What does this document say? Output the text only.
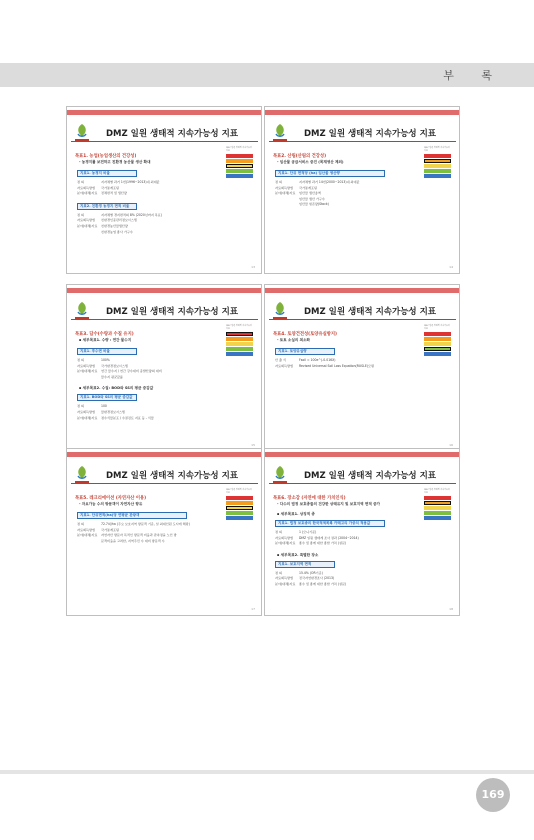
부 록
DMZ 일원 생태적 지속가능성 지표
DMZ 일원 생태계 지속가능성 지표
목표1. 농업(농업생산의 건강성)
- 농경지를 보전하고 친환경 농산물 생산 확대
지표1. 농경지 비율
정 의	지자체별 과거 1번(1996~2013)내 최대값
자료획득방법	국가통계포털
분야(대체)자료	전체면적 및 생산량
지표2. 친환경 농경지 면적 비율
정 의	지자체별 경지면적의 8% (2020년까지 목표)
자료획득방법	친환경인증관리정보시스템
분야(대체)자료	친환경농산물생산량
친환경농업 종사 가구수
13
DMZ 일원 생태적 지속가능성 지표
DMZ 일원 생태계 지속가능성 지표
목표2. 산림(산림의 건강성)
- 임산물 공급서비스 증진 (목재생산 제외)
지표1. 단위 면적당 (ha) 임산물 생산량
정 의	지자체별 과거 14번(2000~2013)내 최대값
자료획득방법	국가통계포털
분야(대체)자료	임산물 생산총액
임산물 생산 가구수
임산물 현존량(Stock)
14
DMZ 일원 생태적 지속가능성 지표
DMZ 일원 생태계 지속가능성 지표
목표3. 담수(수량과 수질 유지)
▪ 세부목표1. 수량 : 연간 물수지
지표1. 투수면 비율
정 의	100%
자료획득방법	국가환경정보시스템
분야(대체)자료	연간 물수지 / 연간 강수대비 증발산량의 대비
물수지 평균값률
▪ 세부목표2. 수질: BOD와 SS의 평균 증감값
지표1. BOD와 SS의 평균 증감값
정 의	100
자료획득방법	물환경정보시스템
분야(대체)자료	정수식물분포 / 수질검토 지표 등 - 식물
15
DMZ 일원 생태적 지속가능성 지표
DMZ 일원 생태계 지속가능성 지표
목표4. 토양건전성(토양유실방지)
- 토토 소실의 최소화
지표1. 토양유실량
산 출 식	Fsoil = 100e^(-0.016X)
자료획득방법	Revised Universal Soil Loss Equation(RUSLE)모델
16
DMZ 일원 생태적 지속가능성 지표
DMZ 일원 생태계 지속가능성 지표
목표5. 레크리에이션 (자연자산 이용)
- 자요가능 수의 방문객이 자연자산 향유
지표1. 단위면적(ha)당 연평균 관광객
정 의	72.7회/ha (주요 보호지역 방문객 기준, 일 최대인원 도시에 해당)
자료획득방법	국가통계포털
분야(대체)자료	자연자산 방문자 목적인 방문객 비율과 관측정을 노인 방
문객비율을 고려한, 지역주민 수 대비 방문객 수
17
DMZ 일원 생태적 지속가능성 지표
DMZ 일원 생태계 지속가능성 지표
목표6. 장소감 (자연에 대한 가치인식)
- 다수의 법정 보호종들의 건강한 상태유지 및 보호지역 면적 증가
▪ 세부목표1. 상징적 종
지표1. 법정 보호종의 한국적색목록 카테고리 가중치 적용값
정 의	1 (모니기준)
자료획득방법	DMZ 일원 생태계 조사 결과 (2004~2014)
분야(대체)자료	종수 및 종에 대한 종합 가치 (설문)
▪ 세부목표2. 특별한 장소
지표1. 보호지역 면적
정 의	15.4% (OR기준)
자료획득방법	전국자연환경조사 (2013)
분야(대체)자료	종수 및 종에 대한 종합 가치 (설문)
18
169
